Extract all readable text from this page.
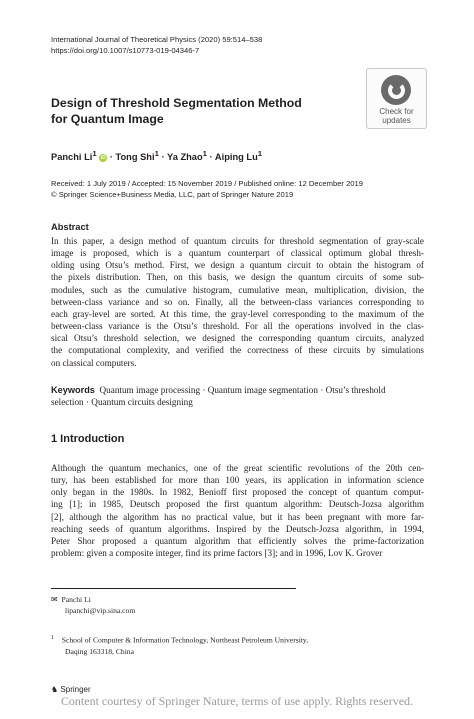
International Journal of Theoretical Physics (2020) 59:514–538
https://doi.org/10.1007/s10773-019-04346-7
Check for
updates
Design of Threshold Segmentation Method
for Quantum Image
Panchi Li$^1$ iD · Tong Shi$^1$ · Ya Zhao$^1$ · Aiping Lu$^1$
Received: 1 July 2019 / Accepted: 15 November 2019 / Published online: 12 December 2019
© Springer Science+Business Media, LLC, part of Springer Nature 2019
Abstract
In this paper, a design method of quantum circuits for threshold segmentation of gray-scale
image is proposed, which is a quantum counterpart of classical optimum global thresh-
olding using Otsu’s method. First, we design a quantum circuit to obtain the histogram of
the pixels distribution. Then, on this basis, we design the quantum circuits of some sub-
modules, such as the cumulative histogram, cumulative mean, multiplication, division, the
between-class variance and so on. Finally, all the between-class variances corresponding to
each gray-level are sorted. At this time, the gray-level corresponding to the maximum of the
between-class variance is the Otsu’s threshold. For all the operations involved in the clas-
sical Otsu’s threshold selection, we designed the corresponding quantum circuits, analyzed
the computational complexity, and verified the correctness of these circuits by simulations
on classical computers.
Keywords Quantum image processing · Quantum image segmentation · Otsu’s threshold
selection · Quantum circuits designing
1 Introduction
Although the quantum mechanics, one of the great scientific revolutions of the 20th cen-
tury, has been established for more than 100 years, its application in information science
only began in the 1980s. In 1982, Benioff first proposed the concept of quantum comput-
ing [1]; in 1985, Deutsch proposed the first quantum algorithm: Deutsch-Jozsa algorithm
[2], although the algorithm has no practical value, but it has been pregnant with more far-
reaching seeds of quantum algorithms. Inspired by the Deutsch-Jozsa algorithm, in 1994,
Peter Shor proposed a quantum algorithm that efficiently solves the prime-factorization
problem: given a composite integer, find its prime factors [3]; and in 1996, Lov K. Grover
✉ Panchi Li
lipanchi@vip.sina.com
$^1$ School of Computer & Information Technology, Northeast Petroleum University,
Daqing 163318, China
♞ Springer
Content courtesy of Springer Nature, terms of use apply. Rights reserved.
